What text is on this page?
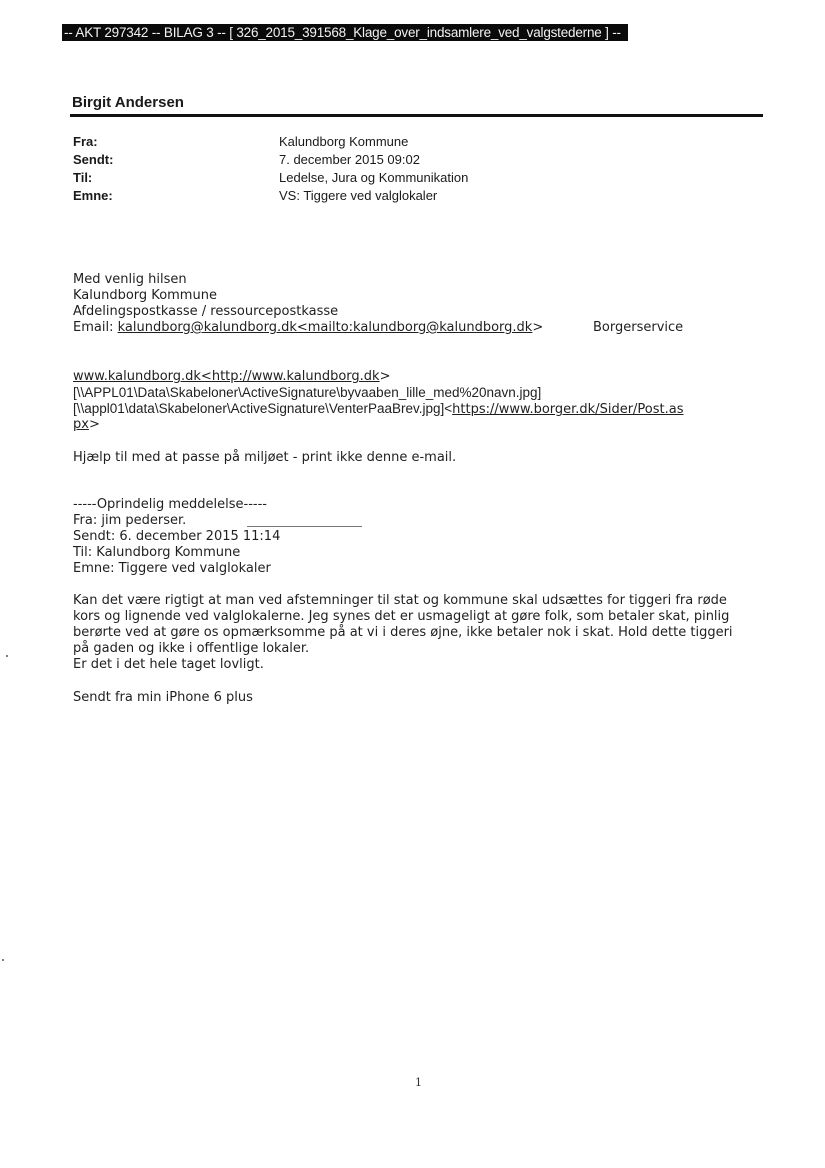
-- AKT 297342 -- BILAG 3 -- [ 326_2015_391568_Klage_over_indsamlere_ved_valgstederne ] --
Birgit Andersen
Fra:	Kalundborg Kommune
Sendt:	7. december 2015 09:02
Til:	Ledelse, Jura og Kommunikation
Emne:	VS: Tiggere ved valglokaler
Med venlig hilsen
Kalundborg Kommune
Afdelingspostkasse / ressourcepostkasse
Email: kalundborg@kalundborg.dk<mailto:kalundborg@kalundborg.dk>	Borgerservice
www.kalundborg.dk<http://www.kalundborg.dk>
[\\APPL01\Data\Skabeloner\ActiveSignature\byvaaben_lille_med%20navn.jpg]
[\\appl01\data\Skabeloner\ActiveSignature\VenterPaaBrev.jpg]<https://www.borger.dk/Sider/Post.as
px>
Hjælp til med at passe på miljøet - print ikke denne e-mail.
-----Oprindelig meddelelse-----
Fra: jim pederser.
Sendt: 6. december 2015 11:14
Til: Kalundborg Kommune
Emne: Tiggere ved valglokaler
Kan det være rigtigt at man ved afstemninger til stat og kommune skal udsættes for tiggeri fra røde
kors og lignende ved valglokalerne. Jeg synes det er usmageligt at gøre folk, som betaler skat, pinlig
berørte ved at gøre os opmærksomme på at vi i deres øjne, ikke betaler nok i skat. Hold dette tiggeri
på gaden og ikke i offentlige lokaler.
Er det i det hele taget lovligt.
Sendt fra min iPhone 6 plus
1
